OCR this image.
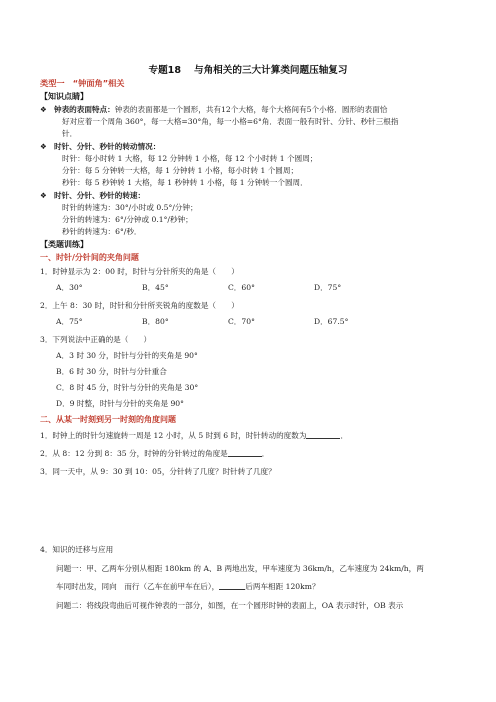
专题18　 与角相关的三大计算类问题压轴复习
类型一　“钟面角”相关
【知识点睛】
❖ 钟表的表面特点：钟表的表面都是一个圆形，共有12个大格，每个大格间有5个小格．圆形的表面恰
好对应着一个周角 360°，每一大格=30°角，每一小格=6°角．表面一般有时针、分针、秒针三根指
针．
❖ 时针、分针、秒针的转动情况：
时针：每小时转 1 大格，每 12 分钟转 1 小格，每 12 个小时转 1 个圆周；
分针：每 5 分钟转一大格，每 1 分钟转 1 小格，每小时转 1 个圆周；
秒针：每 5 秒钟转 1 大格，每 1 秒钟转 1 小格，每 1 分钟转一个圆周．
❖ 时针、分针、秒针的转速：
时针的转速为：30°/小时或 0.5°/分钟；
分针的转速为：6°/分钟或 0.1°/秒钟；
秒针的转速为：6°/秒．
【类题训练】
一、时针/分针间的夹角问题
1．时钟显示为 2：00 时，时针与分针所夹的角是（　　）
A．30°	B．45°	C．60°	D．75°
2．上午 8：30 时，时针和分针所夹锐角的度数是（　　）
A．75°	B．80°	C．70°	D．67.5°
3．下列说法中正确的是（　　）
A．3 时 30 分，时针与分针的夹角是 90°
B．6 时 30 分，时针与分针重合
C．8 时 45 分，时针与分针的夹角是 30°
D．9 时整，时针与分针的夹角是 90°
二、从某一时刻到另一时刻的角度问题
1．时钟上的时针匀速旋转一周是 12 小时，从 5 时到 6 时，时针转动的度数为	．
2．从 8：12 分到 8：35 分，时钟的分针转过的角度是	．
3．同一天中，从 9：30 到 10：05，分针转了几度？时针转了几度？
4．知识的迁移与应用
问题一：甲、乙两车分别从相距 180km 的 A、B 两地出发，甲车速度为 36km/h，乙车速度为 24km/h，两
车同时出发，同向　而行（乙车在前甲车在后），	后两车相距 120km？
问题二：将线段弯曲后可视作钟表的一部分，如图，在一个圆形时钟的表面上，OA 表示时针，OB 表示
